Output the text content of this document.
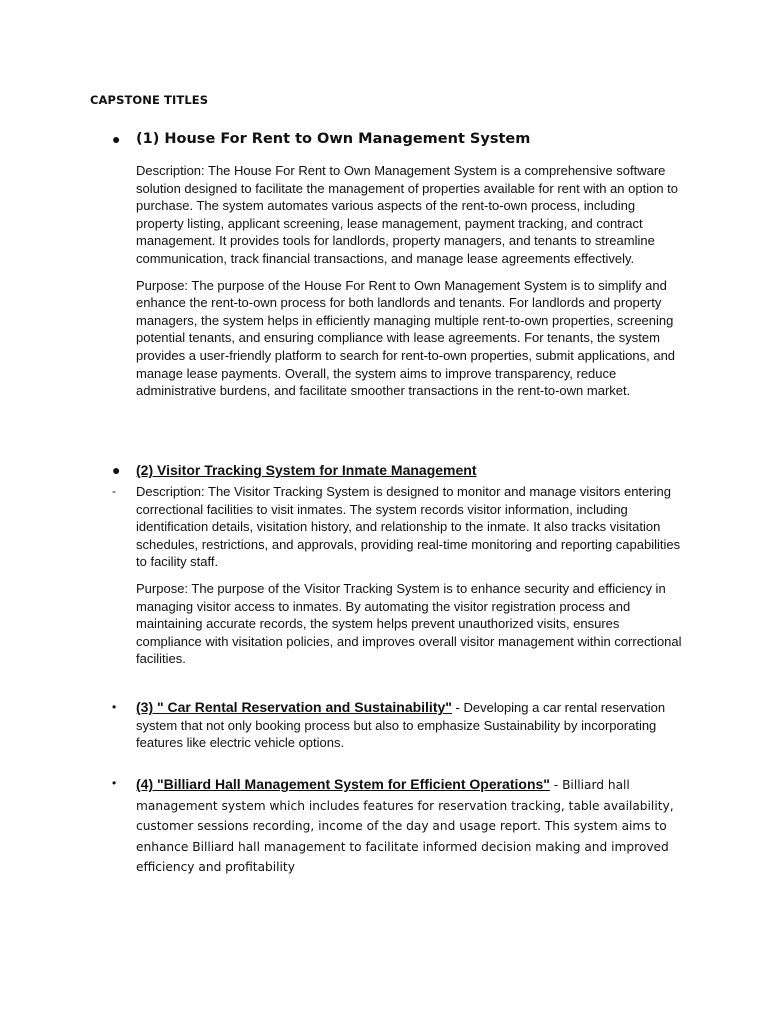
CAPSTONE TITLES
● (1) House For Rent to Own Management System

Description: The House For Rent to Own Management System is a comprehensive software solution designed to facilitate the management of properties available for rent with an option to purchase. The system automates various aspects of the rent-to-own process, including property listing, applicant screening, lease management, payment tracking, and contract management. It provides tools for landlords, property managers, and tenants to streamline communication, track financial transactions, and manage lease agreements effectively.

Purpose: The purpose of the House For Rent to Own Management System is to simplify and enhance the rent-to-own process for both landlords and tenants. For landlords and property managers, the system helps in efficiently managing multiple rent-to-own properties, screening potential tenants, and ensuring compliance with lease agreements. For tenants, the system provides a user-friendly platform to search for rent-to-own properties, submit applications, and manage lease payments. Overall, the system aims to improve transparency, reduce administrative burdens, and facilitate smoother transactions in the rent-to-own market.

● (2) Visitor Tracking System for Inmate Management
- Description: The Visitor Tracking System is designed to monitor and manage visitors entering correctional facilities to visit inmates. The system records visitor information, including identification details, visitation history, and relationship to the inmate. It also tracks visitation schedules, restrictions, and approvals, providing real-time monitoring and reporting capabilities to facility staff.

Purpose: The purpose of the Visitor Tracking System is to enhance security and efficiency in managing visitor access to inmates. By automating the visitor registration process and maintaining accurate records, the system helps prevent unauthorized visits, ensures compliance with visitation policies, and improves overall visitor management within correctional facilities.

• (3) " Car Rental Reservation and Sustainability" - Developing a car rental reservation system that not only booking process but also to emphasize Sustainability by incorporating features like electric vehicle options.

• (4) "Billiard Hall Management System for Efficient Operations" - Billiard hall management system which includes features for reservation tracking, table availability, customer sessions recording, income of the day and usage report. This system aims to enhance Billiard hall management to facilitate informed decision making and improved efficiency and profitability
